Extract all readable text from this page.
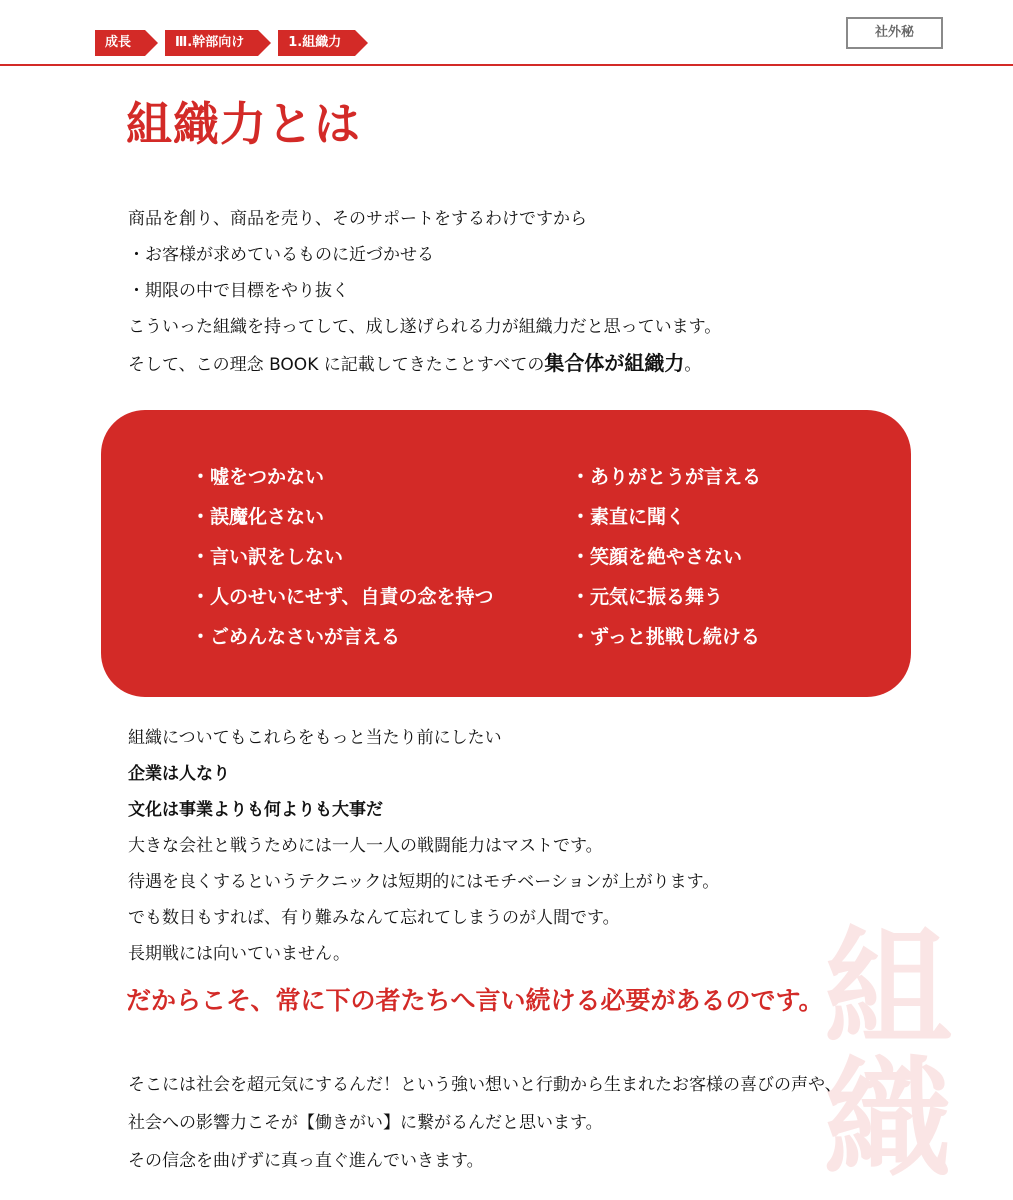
成長	Ⅲ.幹部向け	1.組織力
社外秘
組織力とは
商品を創り、商品を売り、そのサポートをするわけですから
・お客様が求めているものに近づかせる
・期限の中で目標をやり抜く
こういった組織を持ってして、成し遂げられる力が組織力だと思っています。
そして、この理念 BOOK に記載してきたことすべての集合体が組織力。
・嘘をつかない
・誤魔化さない
・言い訳をしない
・人のせいにせず、自責の念を持つ
・ごめんなさいが言える
・ありがとうが言える
・素直に聞く
・笑顔を絶やさない
・元気に振る舞う
・ずっと挑戦し続ける
組織についてもこれらをもっと当たり前にしたい
企業は人なり
文化は事業よりも何よりも大事だ
大きな会社と戦うためには一人一人の戦闘能力はマストです。
待遇を良くするというテクニックは短期的にはモチベーションが上がります。
でも数日もすれば、有り難みなんて忘れてしまうのが人間です。
長期戦には向いていません。	組
織
だからこそ、常に下の者たちへ言い続ける必要があるのです。
そこには社会を超元気にするんだ！という強い想いと行動から生まれたお客様の喜びの声や、
社会への影響力こそが【働きがい】に繋がるんだと思います。
その信念を曲げずに真っ直ぐ進んでいきます。
